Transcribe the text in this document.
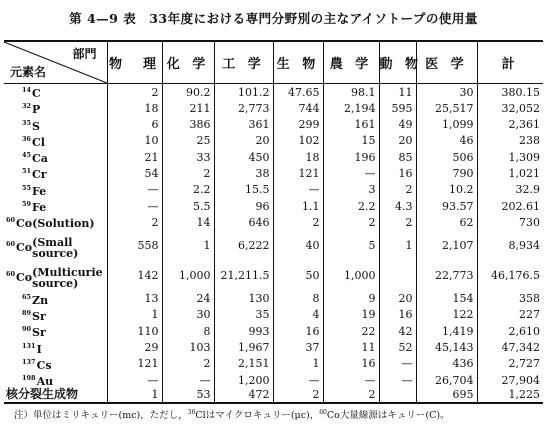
第 4—9 表　33年度における専門分野別の主なアイソトープの使用量
部門
元素名	物　理	化 学	工 学	生 物	農 学	動 物	医 学	計
$^{14}$C	2	90.2	101.2	47.65	98.1	11	30	380.15
$^{32}$P	18	211	2,773	744	2,194	595	25,517	32,052
$^{35}$S	6	386	361	299	161	49	1,099	2,361
$^{36}$Cl	10	25	20	102	15	20	46	238
$^{45}$Ca	21	33	450	18	196	85	506	1,309
$^{51}$Cr	54	2	38	121	—	16	790	1,021
$^{55}$Fe	—	2.2	15.5	—	3	2	10.2	32.9
$^{59}$Fe	—	5.5	96	1.1	2.2	4.3	93.57	202.61
$^{60}$Co(Solution)	2	14	646	2	2	2	62	730
$^{60}$Co(Small
source)	558	1	6,222	40	5	1	2,107	8,934
$^{60}$Co(Multicurie
source)	142	1,000	21,211.5	50	1,000		22,773	46,176.5
$^{65}$Zn	13	24	130	8	9	20	154	358
$^{89}$Sr	1	30	35	4	19	16	122	227
$^{90}$Sr	110	8	993	16	22	42	1,419	2,610
$^{131}$I	29	103	1,967	37	11	52	45,143	47,342
$^{137}$Cs	121	2	2,151	1	16	—	436	2,727
$^{198}$Au	—	—	1,200	—	—	—	26,704	27,904
核分裂生成物	1	53	472	2	2		695	1,225
注）単位はミリキュリー(mc)，ただし，$^{36}$Clはマイクロキュリー(μc)，$^{60}$Co大量線源はキュリー(C)。
